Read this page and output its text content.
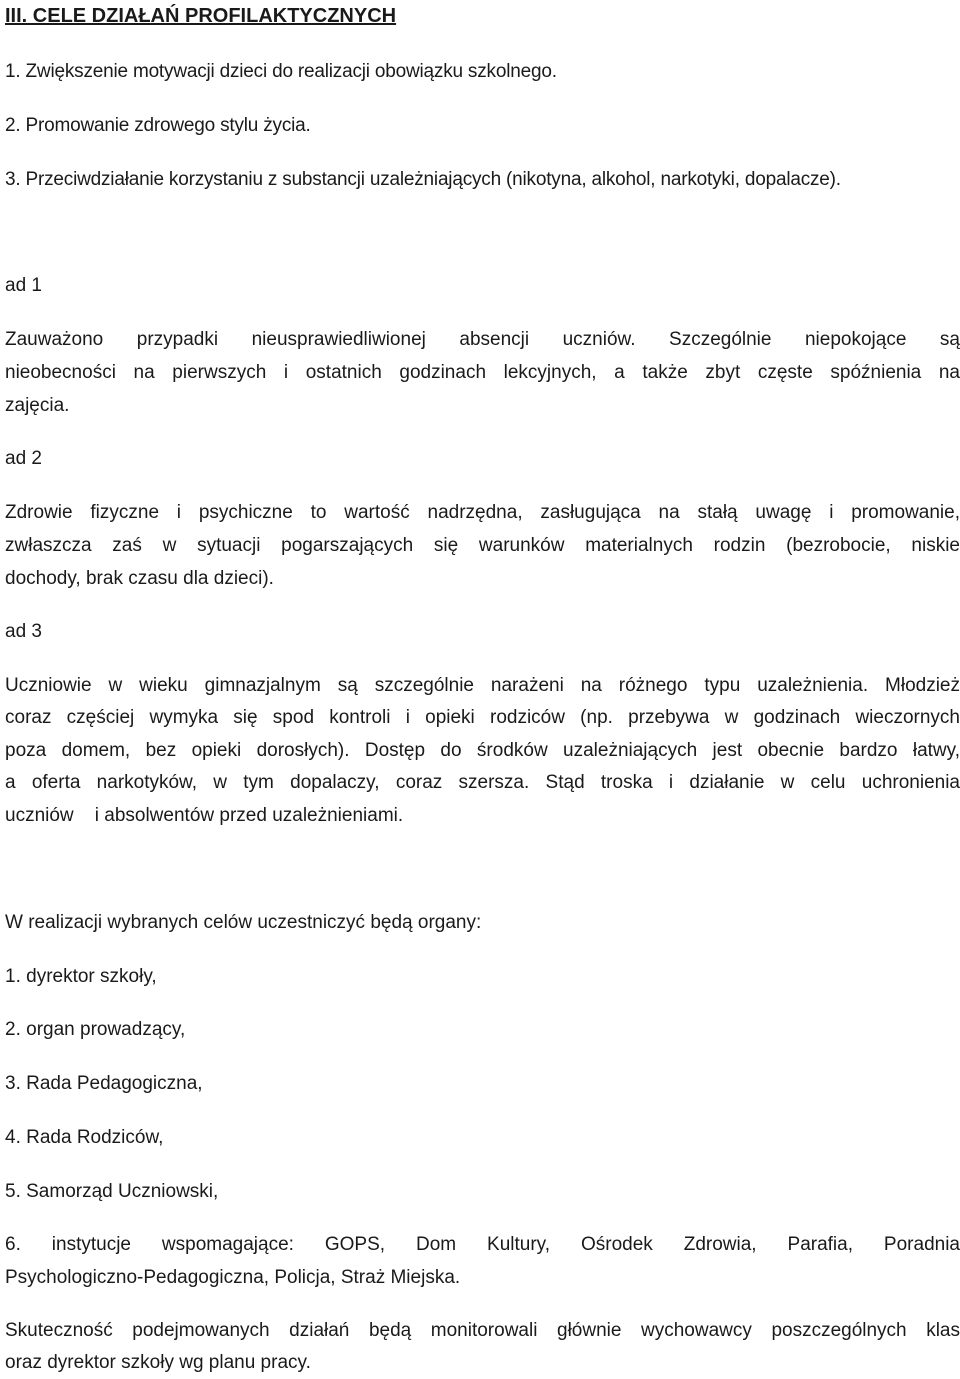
III. CELE DZIAŁAŃ PROFILAKTYCZNYCH
1. Zwiększenie motywacji dzieci do realizacji obowiązku szkolnego.
2. Promowanie zdrowego stylu życia.
3. Przeciwdziałanie korzystaniu z substancji uzależniających (nikotyna, alkohol, narkotyki, dopalacze).
ad 1
Zauważono przypadki nieusprawiedliwionej absencji uczniów. Szczególnie niepokojące są
nieobecności na pierwszych i ostatnich godzinach lekcyjnych, a także zbyt częste spóźnienia na
zajęcia.
ad 2
Zdrowie fizyczne i psychiczne to wartość nadrzędna, zasługująca na stałą uwagę i promowanie,
zwłaszcza zaś w sytuacji pogarszających się warunków materialnych rodzin (bezrobocie, niskie
dochody, brak czasu dla dzieci).
ad 3
Uczniowie w wieku gimnazjalnym są szczególnie narażeni na różnego typu uzależnienia. Młodzież
coraz częściej wymyka się spod kontroli i opieki rodziców (np. przebywa w godzinach wieczornych
poza domem, bez opieki dorosłych). Dostęp do środków uzależniających jest obecnie bardzo łatwy,
a oferta narkotyków, w tym dopalaczy, coraz szersza. Stąd troska i działanie w celu uchronienia
uczniów    i absolwentów przed uzależnieniami.
W realizacji wybranych celów uczestniczyć będą organy:
1. dyrektor szkoły,
2. organ prowadzący,
3. Rada Pedagogiczna,
4. Rada Rodziców,
5. Samorząd Uczniowski,
6. instytucje wspomagające: GOPS, Dom Kultury, Ośrodek Zdrowia, Parafia, Poradnia
Psychologiczno-Pedagogiczna, Policja, Straż Miejska.
Skuteczność podejmowanych działań będą monitorowali głównie wychowawcy poszczególnych klas
oraz dyrektor szkoły wg planu pracy.
